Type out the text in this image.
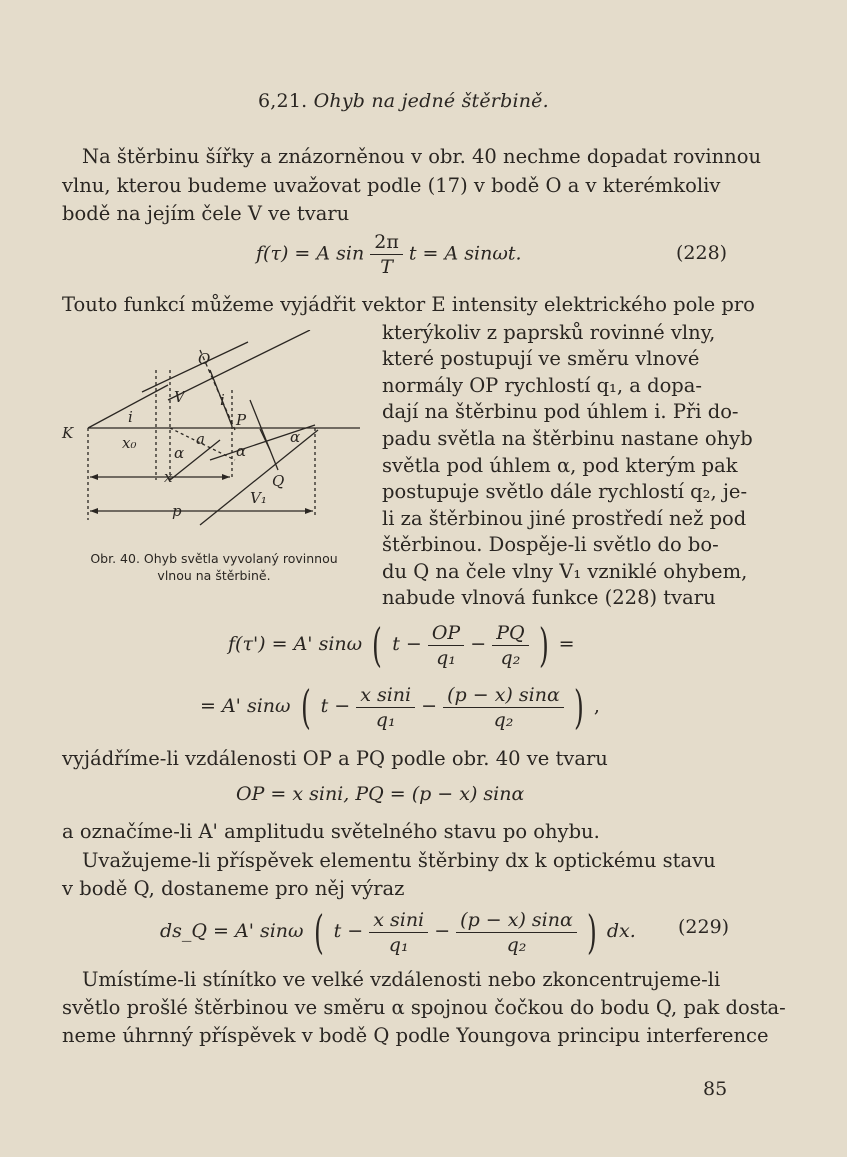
6,21. Ohyb na jedné štěrbině.
Na štěrbinu šířky a znázorněnou v obr. 40 nechme dopadat rovinnou
vlnu, kterou budeme uvažovat podle (17) v bodě O a v kterémkoliv
bodě na jejím čele V ve tvaru
f(τ) = A $\sin \frac{2\pi}{T}$ t = A sinωt.	(228)
Touto funkcí můžeme vyjádřit vektor E intensity elektrického pole pro
kterýkoliv z paprsků rovinné vlny,
které postupují ve směru vlnové
normály OP rychlostí q₁, a dopa-
dají na štěrbinu pod úhlem i. Při do-
padu světla na štěrbinu nastane ohyb
světla pod úhlem α, pod kterým pak
postupuje světlo dále rychlostí q₂, je-
li za štěrbinou jiné prostředí než pod
štěrbinou. Dospěje-li světlo do bo-
du Q na čele vlny V₁ vzniklé ohybem,
nabude vlnová funkce (228) tvaru
K
O
V
i
i
P
x₀	a
α	α
α
x	Q
V₁
p
Obr. 40. Ohyb světla vyvolaný rovinnou
vlnou na štěrbině.
f(τ') = A' sinω ( $t - \frac{OP}{\text{q₁}} - \frac{PQ}{\text{q₂}}$ ) =
= A' sinω ( $t - \frac{\text{x sini}}{\text{q₁}} - \frac{(p - x) \sin\alpha}{\text{q₂}}$ ) ,
vyjádříme-li vzdálenosti OP a PQ podle obr. 40 ve tvaru
OP = x sini, PQ = (p − x) sinα
a označíme-li A' amplitudu světelného stavu po ohybu.
Uvažujeme-li příspěvek elementu štěrbiny dx k optickému stavu
v bodě Q, dostaneme pro něj výraz
ds_Q = A' sinω ( $t - \frac{\text{x sini}}{\text{q₁}} - \frac{(p - x) \sin\alpha}{\text{q₂}}$ ) dx. (229)
Umístíme-li stínítko ve velké vzdálenosti nebo zkoncentrujeme-li
světlo prošlé štěrbinou ve směru α spojnou čočkou do bodu Q, pak dosta-
neme úhrnný příspěvek v bodě Q podle Youngova principu interference
85
